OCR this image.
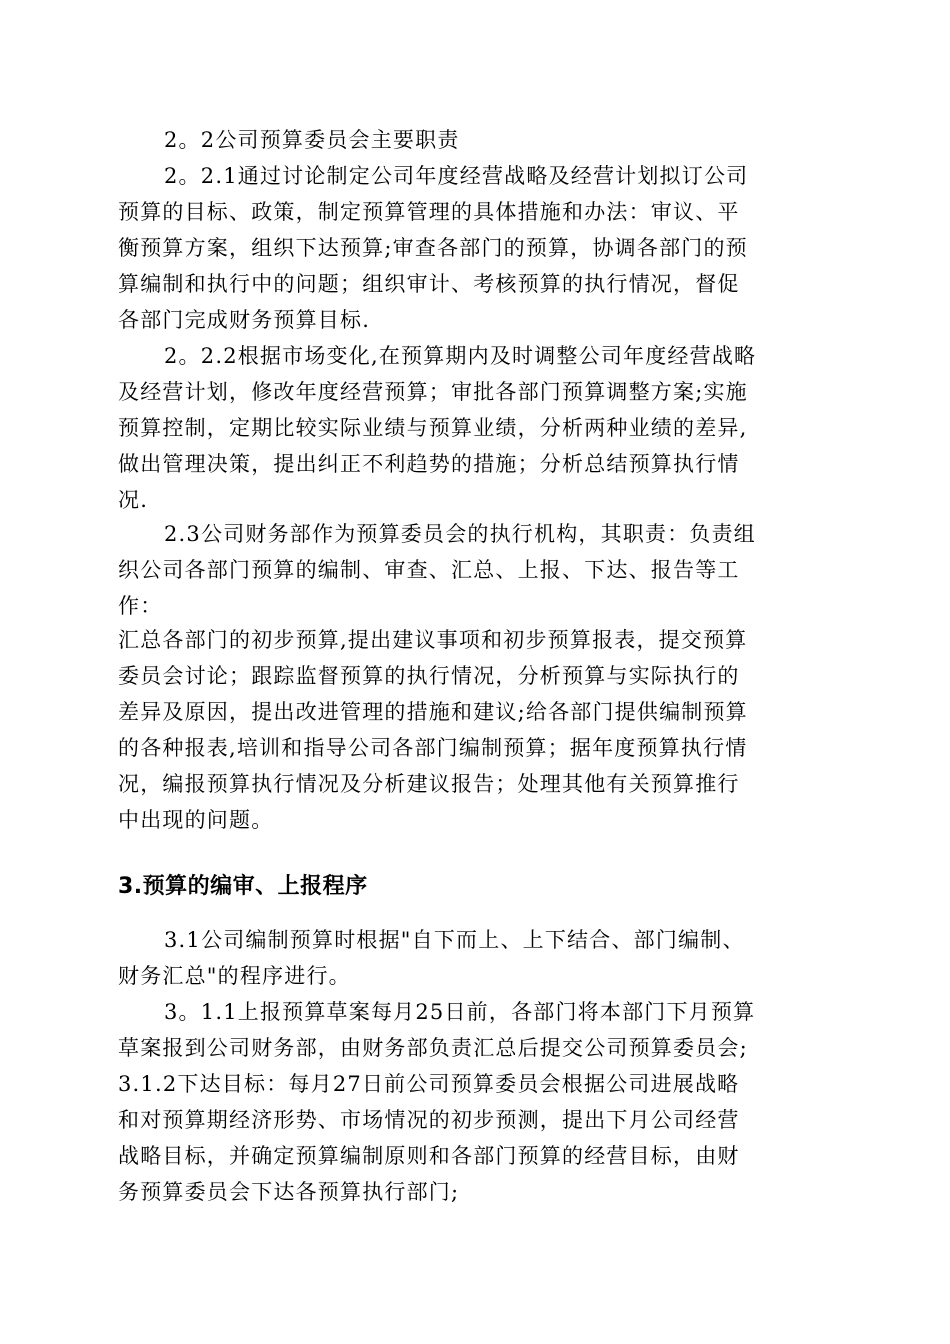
2。2公司预算委员会主要职责
2。2.1通过讨论制定公司年度经营战略及经营计划拟订公司
预算的目标、政策，制定预算管理的具体措施和办法：审议、平
衡预算方案，组织下达预算;审查各部门的预算，协调各部门的预
算编制和执行中的问题；组织审计、考核预算的执行情况，督促
各部门完成财务预算目标.
2。2.2根据市场变化,在预算期内及时调整公司年度经营战略
及经营计划，修改年度经营预算；审批各部门预算调整方案;实施
预算控制，定期比较实际业绩与预算业绩，分析两种业绩的差异,
做出管理决策，提出纠正不利趋势的措施；分析总结预算执行情
况.
2.3公司财务部作为预算委员会的执行机构，其职责：负责组
织公司各部门预算的编制、审查、汇总、上报、下达、报告等工
作：
汇总各部门的初步预算,提出建议事项和初步预算报表，提交预算
委员会讨论；跟踪监督预算的执行情况，分析预算与实际执行的
差异及原因，提出改进管理的措施和建议;给各部门提供编制预算
的各种报表,培训和指导公司各部门编制预算；据年度预算执行情
况，编报预算执行情况及分析建议报告；处理其他有关预算推行
中出现的问题。
3.预算的编审、上报程序
3.1公司编制预算时根据"自下而上、上下结合、部门编制、
财务汇总"的程序进行。
3。1.1上报预算草案每月25日前，各部门将本部门下月预算
草案报到公司财务部，由财务部负责汇总后提交公司预算委员会;
3.1.2下达目标：每月27日前公司预算委员会根据公司进展战略
和对预算期经济形势、市场情况的初步预测，提出下月公司经营
战略目标，并确定预算编制原则和各部门预算的经营目标，由财
务预算委员会下达各预算执行部门;
